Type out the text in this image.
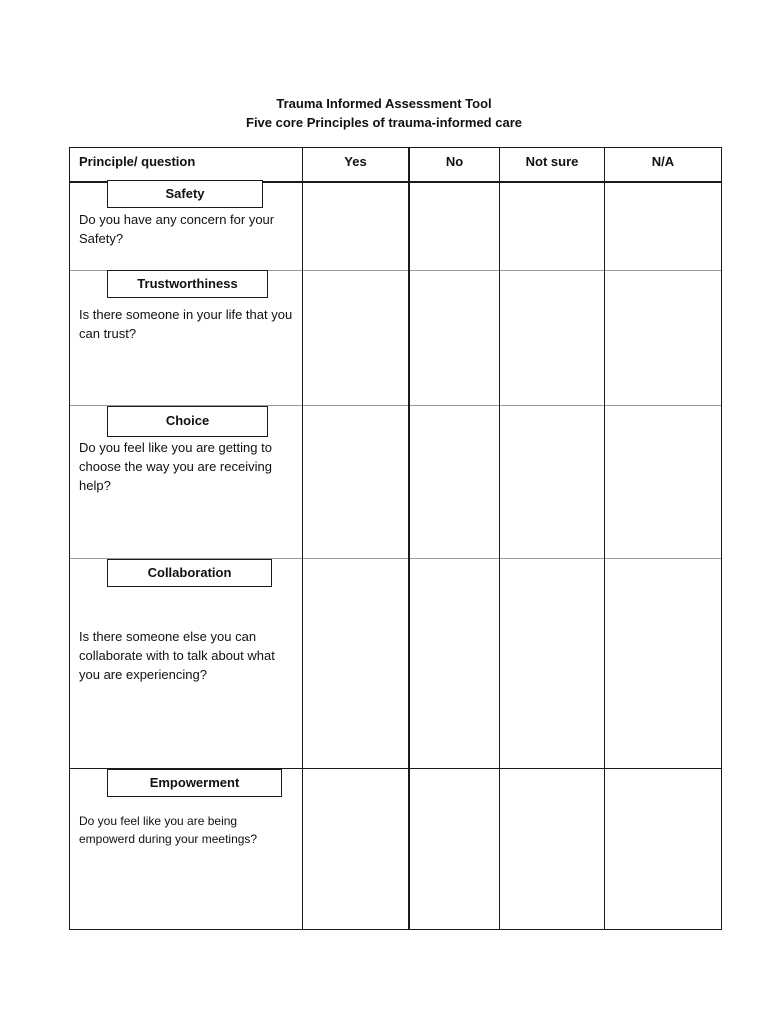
Trauma Informed Assessment Tool
Five core Principles of trauma-informed care
Principle/ question	Yes	No	Not sure	N/A
Safety
Do you have any concern for your Safety?
Trustworthiness
Is there someone in your life that you can trust?
Choice
Do you feel like you are getting to choose the way you are receiving help?
Collaboration
Is there someone else you can collaborate with to talk about what you are experiencing?
Empowerment
Do you feel like you are being empowerd during your meetings?
